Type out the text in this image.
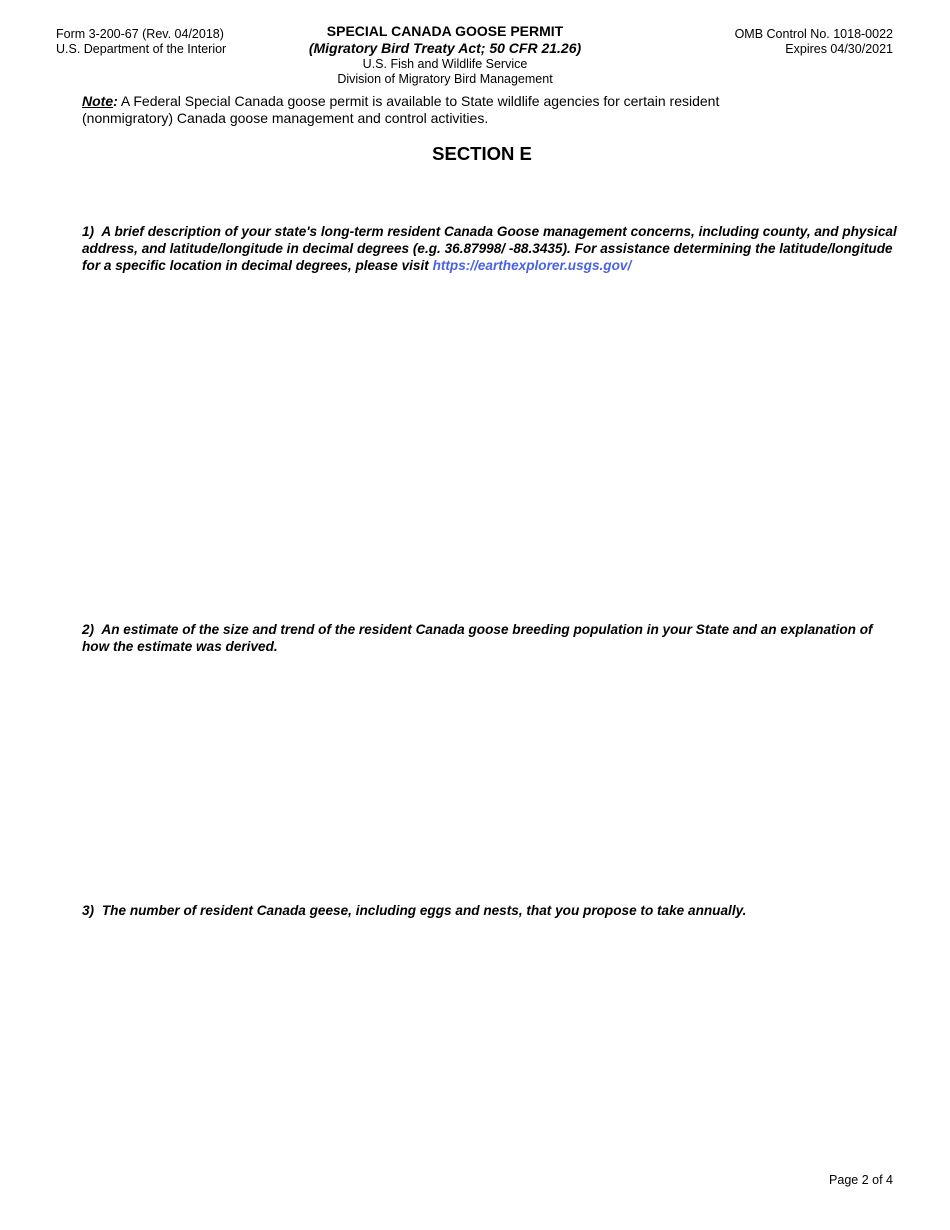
Form 3-200-67 (Rev. 04/2018)
U.S. Department of the Interior
SPECIAL CANADA GOOSE PERMIT
(Migratory Bird Treaty Act; 50 CFR 21.26)
U.S. Fish and Wildlife Service
Division of Migratory Bird Management
OMB Control No. 1018-0022
Expires 04/30/2021
Note: A Federal Special Canada goose permit is available to State wildlife agencies for certain resident (nonmigratory) Canada goose management and control activities.
SECTION E
1) A brief description of your state's long-term resident Canada Goose management concerns, including county, and physical address, and latitude/longitude in decimal degrees (e.g. 36.87998/ -88.3435). For assistance determining the latitude/longitude for a specific location in decimal degrees, please visit https://earthexplorer.usgs.gov/
2) An estimate of the size and trend of the resident Canada goose breeding population in your State and an explanation of how the estimate was derived.
3) The number of resident Canada geese, including eggs and nests, that you propose to take annually.
Page 2 of 4
